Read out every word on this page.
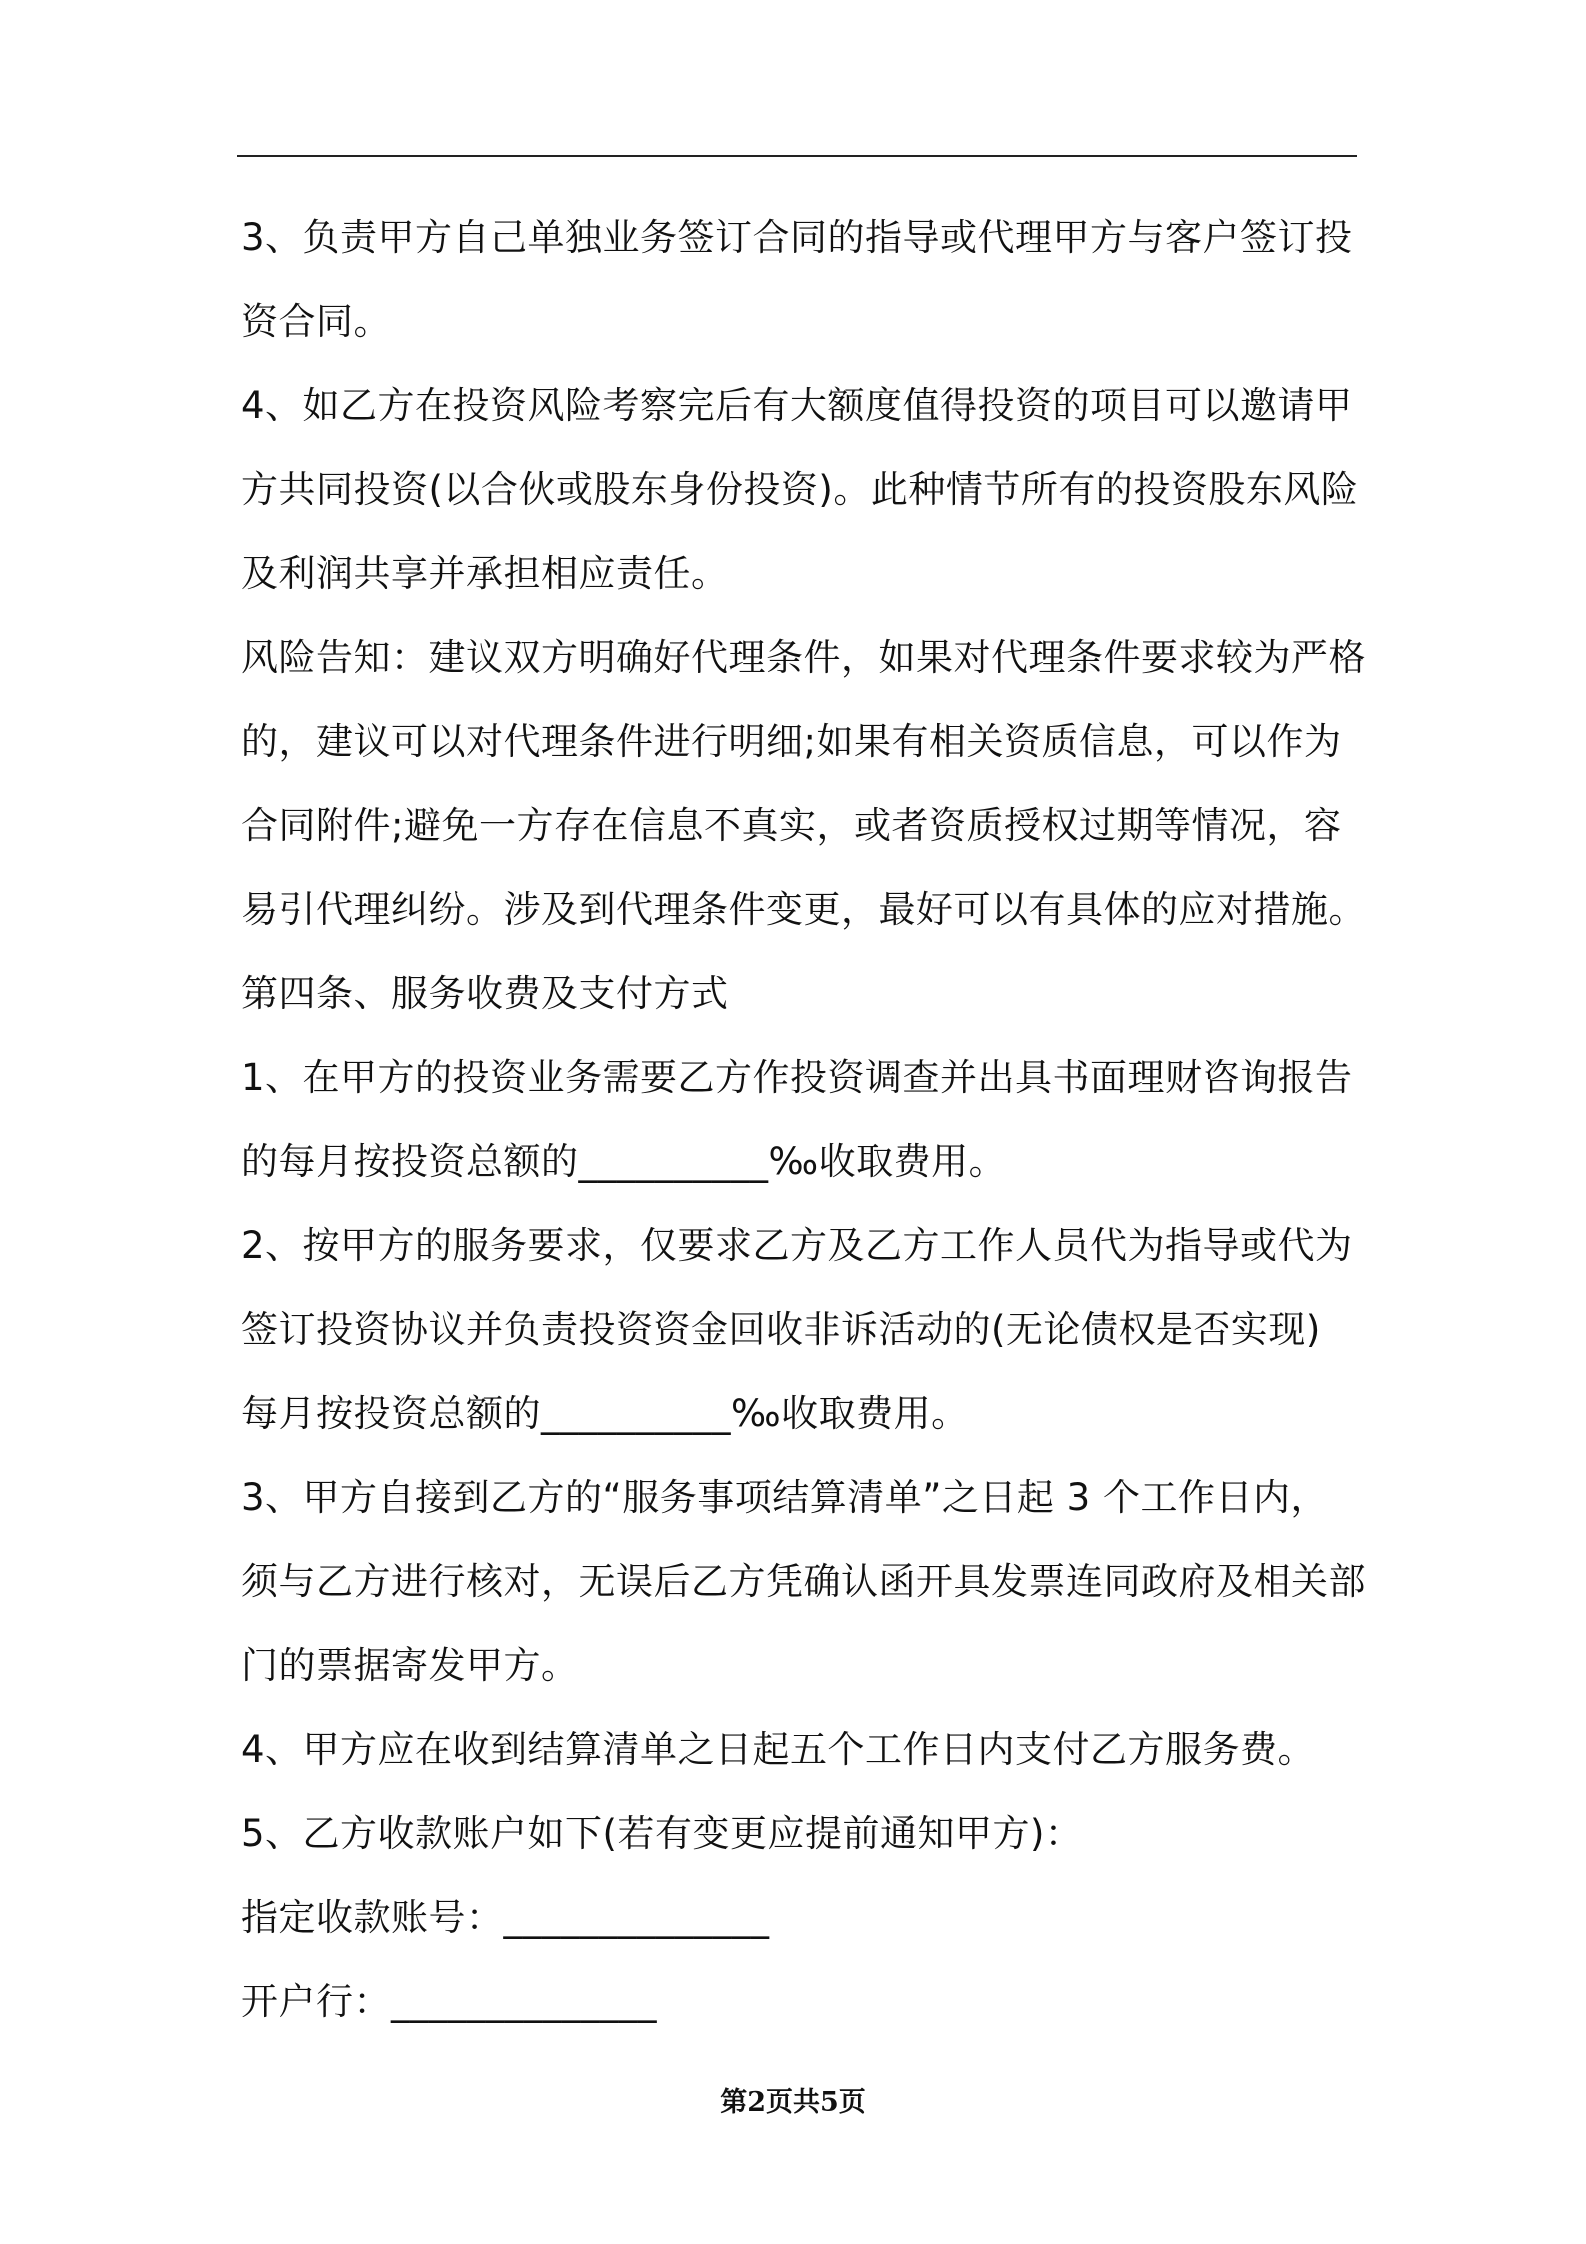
3、负责甲方自己单独业务签订合同的指导或代理甲方与客户签订投
资合同。
4、如乙方在投资风险考察完后有大额度值得投资的项目可以邀请甲
方共同投资(以合伙或股东身份投资)。此种情节所有的投资股东风险
及利润共享并承担相应责任。
风险告知：建议双方明确好代理条件，如果对代理条件要求较为严格
的，建议可以对代理条件进行明细;如果有相关资质信息，可以作为
合同附件;避免一方存在信息不真实，或者资质授权过期等情况，容
易引代理纠纷。涉及到代理条件变更，最好可以有具体的应对措施。
第四条、服务收费及支付方式
1、在甲方的投资业务需要乙方作投资调查并出具书面理财咨询报告
的每月按投资总额的__________‰收取费用。
2、按甲方的服务要求，仅要求乙方及乙方工作人员代为指导或代为
签订投资协议并负责投资资金回收非诉活动的(无论债权是否实现)
每月按投资总额的__________‰收取费用。
3、甲方自接到乙方的“服务事项结算清单”之日起 3 个工作日内，
须与乙方进行核对，无误后乙方凭确认函开具发票连同政府及相关部
门的票据寄发甲方。
4、甲方应在收到结算清单之日起五个工作日内支付乙方服务费。
5、乙方收款账户如下(若有变更应提前通知甲方)：
指定收款账号：______________
开户行：______________
第2页共5页
